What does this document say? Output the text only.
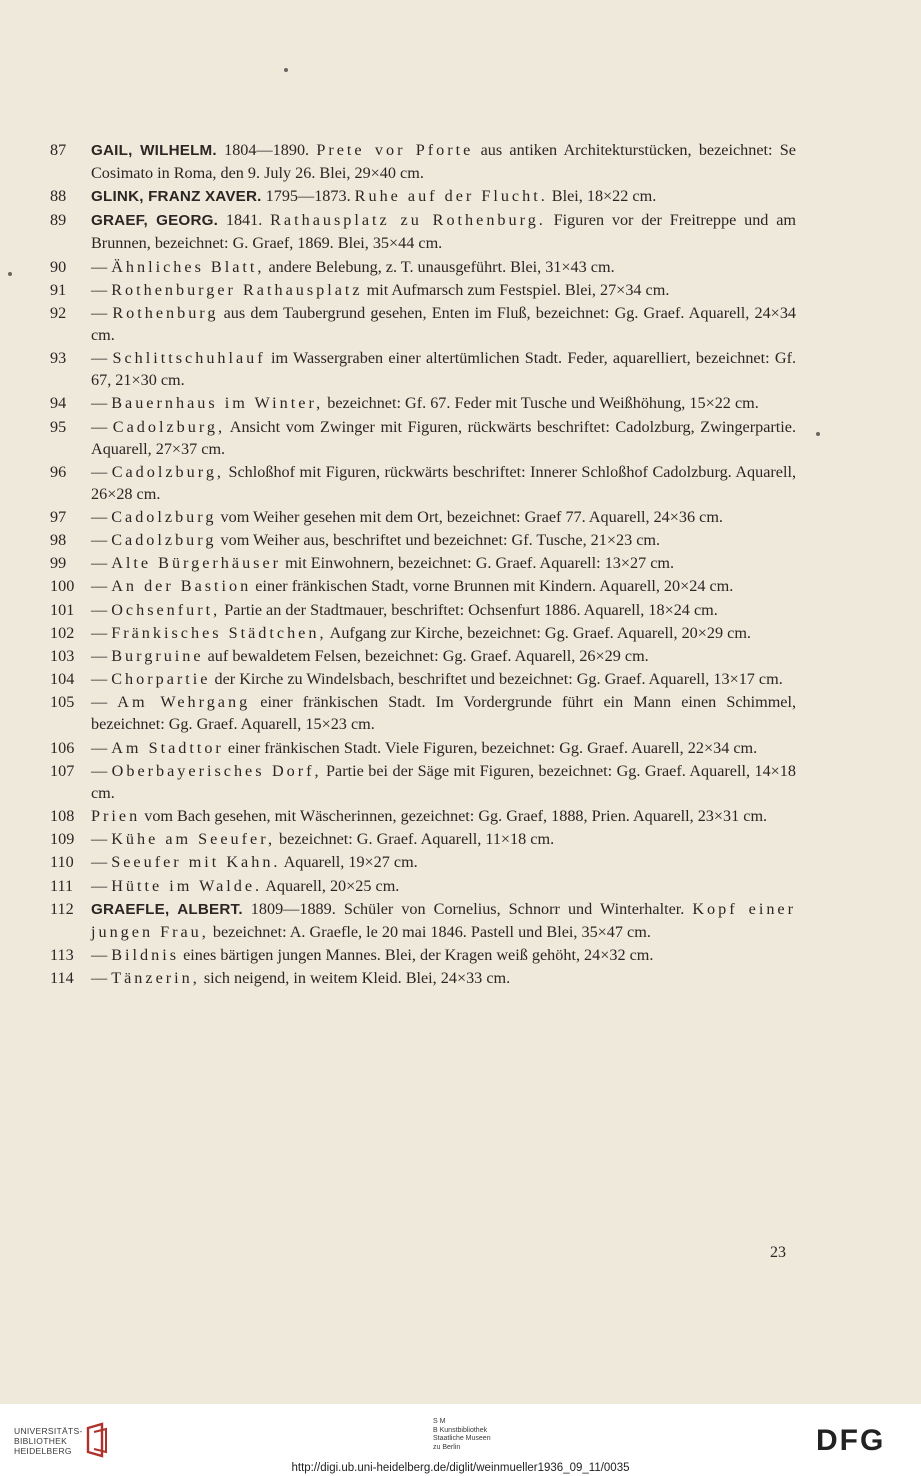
87	GAIL, WILHELM. 1804—1890. Prete vor Pforte aus antiken Architekturstücken, bezeichnet: Se Cosimato in Roma, den 9. July 26. Blei, 29×40 cm.
88	GLINK, FRANZ XAVER. 1795—1873. Ruhe auf der Flucht. Blei, 18×22 cm.
89	GRAEF, GEORG. 1841. Rathausplatz zu Rothenburg. Figuren vor der Freitreppe und am Brunnen, bezeichnet: G. Graef, 1869. Blei, 35×44 cm.
90	— Ähnliches Blatt, andere Belebung, z. T. unausgeführt. Blei, 31×43 cm.
91	— Rothenburger Rathausplatz mit Aufmarsch zum Festspiel. Blei, 27×34 cm.
92	— Rothenburg aus dem Taubergrund gesehen, Enten im Fluß, bezeichnet: Gg. Graef. Aquarell, 24×34 cm.
93	— Schlittschuhlauf im Wassergraben einer altertümlichen Stadt. Feder, aquarelliert, bezeichnet: Gf. 67, 21×30 cm.
94	— Bauernhaus im Winter, bezeichnet: Gf. 67. Feder mit Tusche und Weißhöhung, 15×22 cm.
95	— Cadolzburg, Ansicht vom Zwinger mit Figuren, rückwärts beschriftet: Cadolzburg, Zwingerpartie. Aquarell, 27×37 cm.
96	— Cadolzburg, Schloßhof mit Figuren, rückwärts beschriftet: Innerer Schloßhof Cadolzburg. Aquarell, 26×28 cm.
97	— Cadolzburg vom Weiher gesehen mit dem Ort, bezeichnet: Graef 77. Aquarell, 24×36 cm.
98	— Cadolzburg vom Weiher aus, beschriftet und bezeichnet: Gf. Tusche, 21×23 cm.
99	— Alte Bürgerhäuser mit Einwohnern, bezeichnet: G. Graef. Aquarell: 13×27 cm.
100	— An der Bastion einer fränkischen Stadt, vorne Brunnen mit Kindern. Aquarell, 20×24 cm.
101	— Ochsenfurt, Partie an der Stadtmauer, beschriftet: Ochsenfurt 1886. Aquarell, 18×24 cm.
102	— Fränkisches Städtchen, Aufgang zur Kirche, bezeichnet: Gg. Graef. Aquarell, 20×29 cm.
103	— Burgruine auf bewaldetem Felsen, bezeichnet: Gg. Graef. Aquarell, 26×29 cm.
104	— Chorpartie der Kirche zu Windelsbach, beschriftet und bezeichnet: Gg. Graef. Aquarell, 13×17 cm.
105	— Am Wehrgang einer fränkischen Stadt. Im Vordergrunde führt ein Mann einen Schimmel, bezeichnet: Gg. Graef. Aquarell, 15×23 cm.
106	— Am Stadttor einer fränkischen Stadt. Viele Figuren, bezeichnet: Gg. Graef. Auarell, 22×34 cm.
107	— Oberbayerisches Dorf, Partie bei der Säge mit Figuren, bezeichnet: Gg. Graef. Aquarell, 14×18 cm.
108	Prien vom Bach gesehen, mit Wäscherinnen, gezeichnet: Gg. Graef, 1888, Prien. Aquarell, 23×31 cm.
109	— Kühe am Seeufer, bezeichnet: G. Graef. Aquarell, 11×18 cm.
110	— Seeufer mit Kahn. Aquarell, 19×27 cm.
111	— Hütte im Walde. Aquarell, 20×25 cm.
112	GRAEFLE, ALBERT. 1809—1889. Schüler von Cornelius, Schnorr und Winterhalter. Kopf einer jungen Frau, bezeichnet: A. Graefle, le 20 mai 1846. Pastell und Blei, 35×47 cm.
113	— Bildnis eines bärtigen jungen Mannes. Blei, der Kragen weiß gehöht, 24×32 cm.
114	— Tänzerin, sich neigend, in weitem Kleid. Blei, 24×33 cm.
23
UNIVERSITÄTS-
BIBLIOTHEK
HEIDELBERG
S M
B Kunstbibliothek
Staatliche Museen
zu Berlin	DFG
http://digi.ub.uni-heidelberg.de/diglit/weinmueller1936_09_11/0035
